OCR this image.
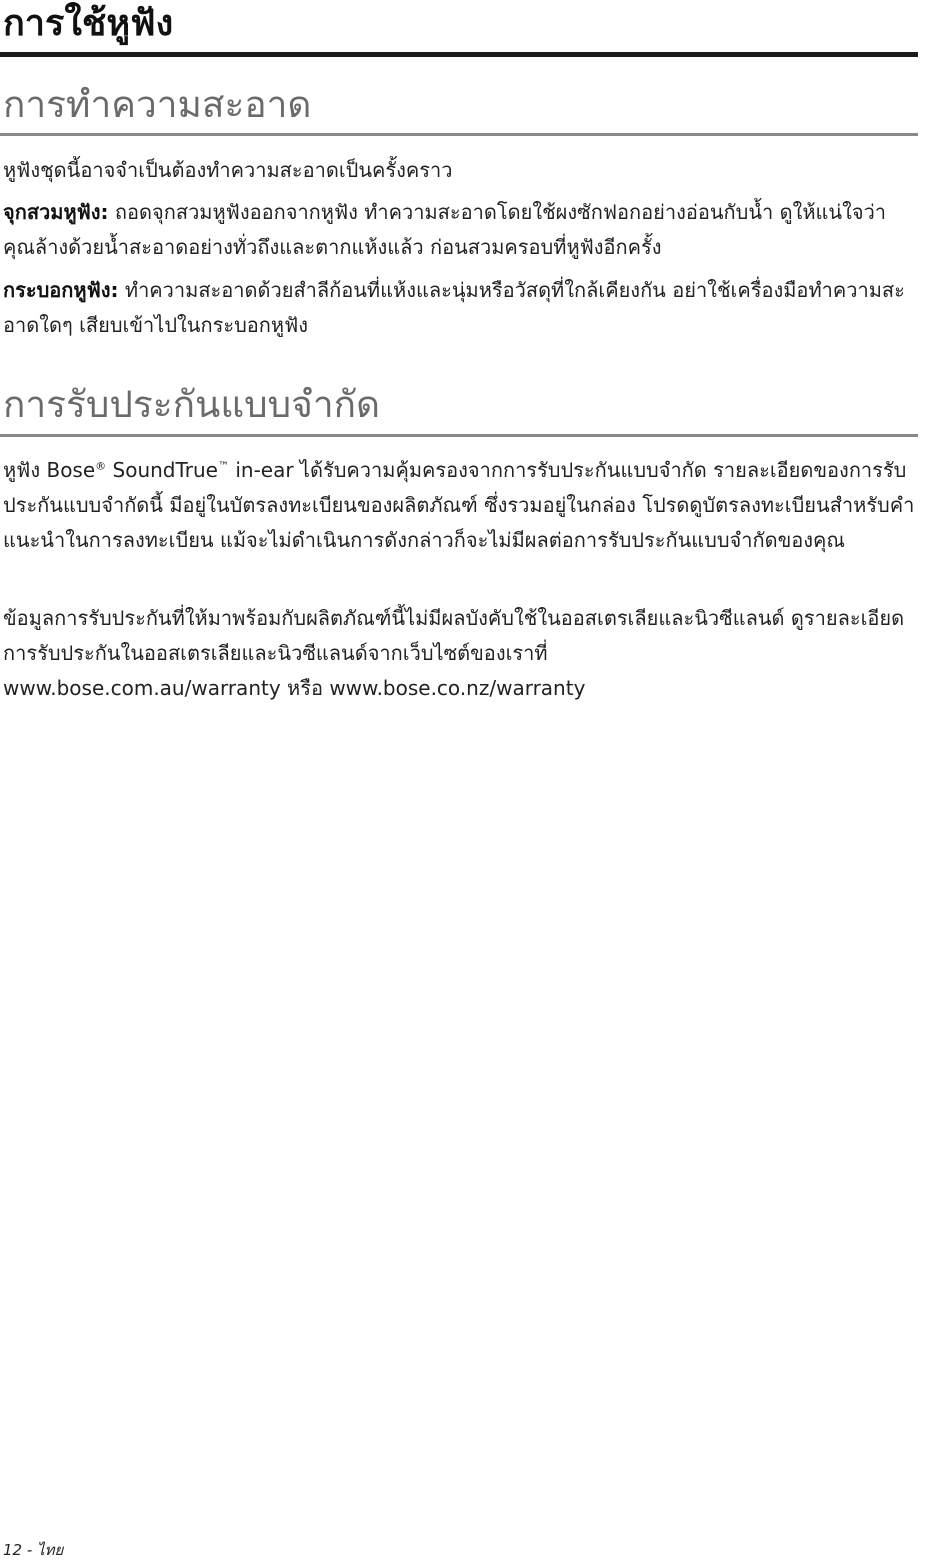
การใช้หูฟัง
การทำความสะอาด

หูฟังชุดนี้อาจจำเป็นต้องทำความสะอาดเป็นครั้งคราว

จุกสวมหูฟัง: ถอดจุกสวมหูฟังออกจากหูฟัง ทำความสะอาดโดยใช้ผงซักฟอกอย่างอ่อนกับน้ำ ดูให้แน่ใจว่าคุณล้างด้วยน้ำสะอาดอย่างทั่วถึงและตากแห้งแล้ว ก่อนสวมครอบที่หูฟังอีกครั้ง

กระบอกหูฟัง: ทำความสะอาดด้วยสำลีก้อนที่แห้งและนุ่มหรือวัสดุที่ใกล้เคียงกัน อย่าใช้เครื่องมือทำความสะอาดใดๆ เสียบเข้าไปในกระบอกหูฟัง

การรับประกันแบบจำกัด

หูฟัง Bose® SoundTrue™ in-ear ได้รับความคุ้มครองจากการรับประกันแบบจำกัด รายละเอียดของการรับประกันแบบจำกัดนี้ มีอยู่ในบัตรลงทะเบียนของผลิตภัณฑ์ ซึ่งรวมอยู่ในกล่อง โปรดดูบัตรลงทะเบียนสำหรับคำแนะนำในการลงทะเบียน แม้จะไม่ดำเนินการดังกล่าวก็จะไม่มีผลต่อการรับประกันแบบจำกัดของคุณ

ข้อมูลการรับประกันที่ให้มาพร้อมกับผลิตภัณฑ์นี้ไม่มีผลบังคับใช้ในออสเตรเลียและนิวซีแลนด์ ดูรายละเอียดการรับประกันในออสเตรเลียและนิวซีแลนด์จากเว็บไซต์ของเราที่
www.bose.com.au/warranty หรือ www.bose.co.nz/warranty

12 - ไทย
